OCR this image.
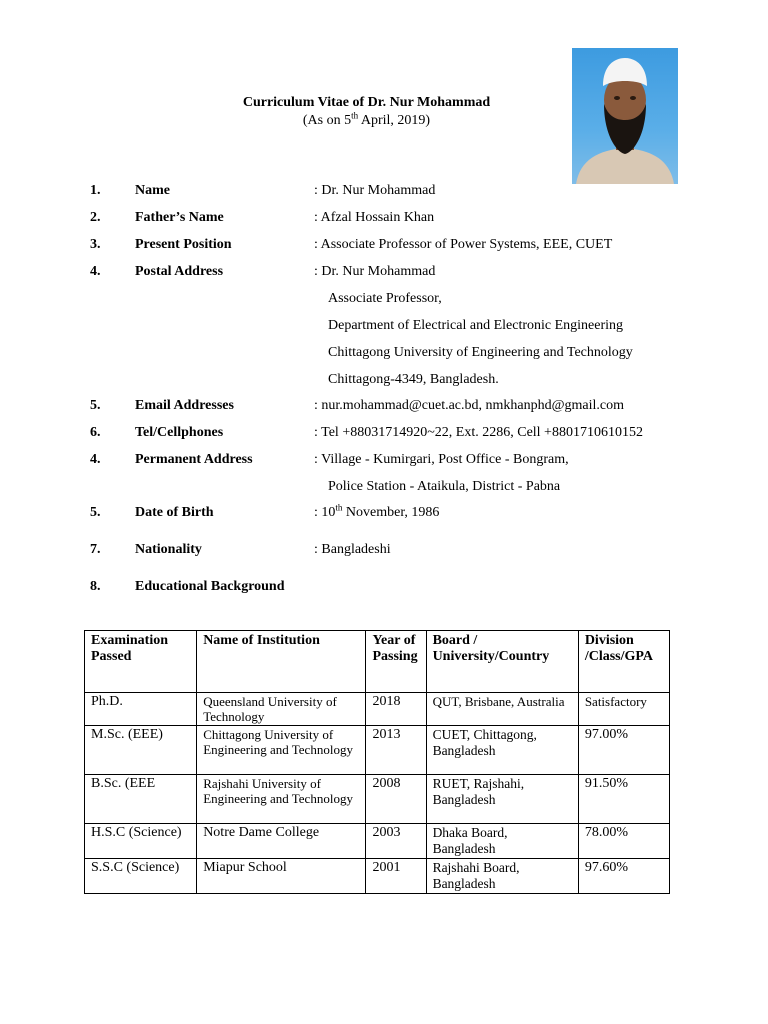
Curriculum Vitae of Dr. Nur Mohammad
(As on 5th April, 2019)
1. Name	: Dr. Nur Mohammad
2. Father’s Name	: Afzal Hossain Khan
3. Present Position	: Associate Professor of Power Systems, EEE, CUET
4. Postal Address	: Dr. Nur Mohammad
Associate Professor,
Department of Electrical and Electronic Engineering
Chittagong University of Engineering and Technology
Chittagong-4349, Bangladesh.
5. Email Addresses	: nur.mohammad@cuet.ac.bd, nmkhanphd@gmail.com
6. Tel/Cellphones	: Tel +88031714920~22, Ext. 2286, Cell +8801710610152
4. Permanent Address	: Village - Kumirgari, Post Office - Bongram,
Police Station - Ataikula, District - Pabna
5. Date of Birth	: 10th November, 1986
7. Nationality	: Bangladeshi
8. Educational Background
Examination Passed	Name of Institution	Year of Passing	Board / University/Country	Division /Class/GPA
Ph.D.	Queensland University of Technology	2018	QUT, Brisbane, Australia	Satisfactory
M.Sc. (EEE)	Chittagong University of Engineering and Technology	2013	CUET, Chittagong, Bangladesh	97.00%
B.Sc. (EEE	Rajshahi University of Engineering and Technology	2008	RUET, Rajshahi, Bangladesh	91.50%
H.S.C (Science)	Notre Dame College	2003	Dhaka Board, Bangladesh	78.00%
S.S.C (Science)	Miapur School	2001	Rajshahi Board, Bangladesh	97.60%
